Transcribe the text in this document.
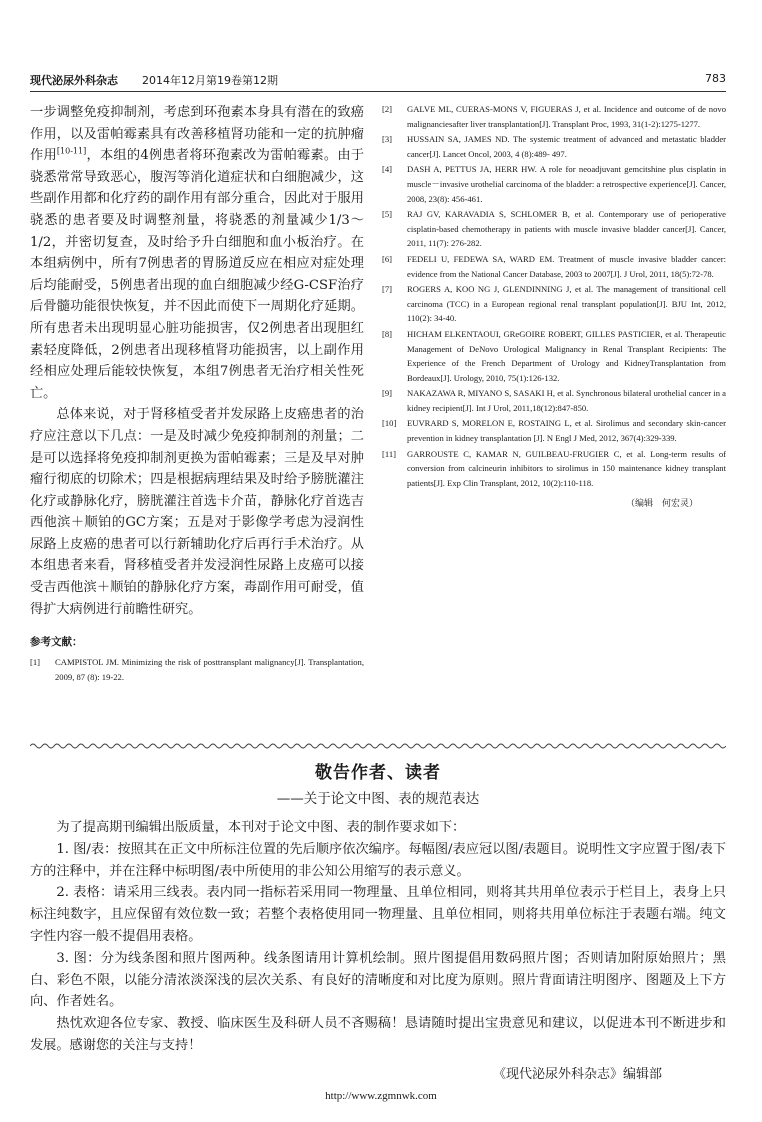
现代泌尿外科杂志 2014年12月第19卷第12期	783

一步调整免疫抑制剂，考虑到环孢素本身具有潜在的致癌作用，以及雷帕霉素具有改善移植肾功能和一定的抗肿瘤作用[10-11]，本组的4例患者将环孢素改为雷帕霉素。由于骁悉常常导致恶心，腹泻等消化道症状和白细胞减少，这些副作用都和化疗药的副作用有部分重合，因此对于服用骁悉的患者要及时调整剂量，将骁悉的剂量减少1/3～1/2，并密切复查，及时给予升白细胞和血小板治疗。在本组病例中，所有7例患者的胃肠道反应在相应对症处理后均能耐受，5例患者出现的血白细胞减少经G-CSF治疗后骨髓功能很快恢复，并不因此而使下一周期化疗延期。所有患者未出现明显心脏功能损害，仅2例患者出现胆红素轻度降低，2例患者出现移植肾功能损害，以上副作用经相应处理后能较快恢复，本组7例患者无治疗相关性死亡。

总体来说，对于肾移植受者并发尿路上皮癌患者的治疗应注意以下几点：一是及时减少免疫抑制剂的剂量；二是可以选择将免疫抑制剂更换为雷帕霉素；三是及早对肿瘤行彻底的切除术；四是根据病理结果及时给予膀胱灌注化疗或静脉化疗，膀胱灌注首选卡介苗，静脉化疗首选吉西他滨＋顺铂的GC方案；五是对于影像学考虑为浸润性尿路上皮癌的患者可以行新辅助化疗后再行手术治疗。从本组患者来看，肾移植受者并发浸润性尿路上皮癌可以接受吉西他滨＋顺铂的静脉化疗方案，毒副作用可耐受，值得扩大病例进行前瞻性研究。

参考文献：

[1] CAMPISTOL JM. Minimizing the risk of posttransplant malignancy[J]. Transplantation, 2009, 87 (8): 19-22.

[2] GALVE ML, CUERAS-MONS V, FIGUERAS J, et al. Incidence and outcome of de novo malignanciesafter liver transplantation[J]. Transplant Proc, 1993, 31(1-2):1275-1277.

[3] HUSSAIN SA, JAMES ND. The systemic treatment of advanced and metastatic bladder cancer[J]. Lancet Oncol, 2003, 4 (8):489- 497.

[4] DASH A, PETTUS JA, HERR HW. A role for neoadjuvant gemcitshine plus cisplatin in muscle－invasive urothelial carcinoma of the bladder: a retrospective experience[J]. Cancer, 2008, 23(8): 456-461.

[5] RAJ GV, KARAVADIA S, SCHLOMER B, et al. Contemporary use of perioperative cisplatin-based chemotherapy in patients with muscle invasive bladder cancer[J]. Cancer, 2011, 11(7): 276-282.

[6] FEDELI U, FEDEWA SA, WARD EM. Treatment of muscle invasive bladder cancer: evidence from the National Cancer Database, 2003 to 2007[J]. J Urol, 2011, 18(5):72-78.

[7] ROGERS A, KOO NG J, GLENDINNING J, et al. The management of transitional cell carcinoma (TCC) in a European regional renal transplant population[J]. BJU Int, 2012, 110(2): 34-40.

[8] HICHAM ELKENTAOUI, GReGOIRE ROBERT, GILLES PASTICIER, et al. Therapeutic Management of DeNovo Urological Malignancy in Renal Transplant Recipients: The Experience of the French Department of Urology and KidneyTransplantation from Bordeaux[J]. Urology, 2010, 75(1):126-132.

[9] NAKAZAWA R, MIYANO S, SASAKI H, et al. Synchronous bilateral urothelial cancer in a kidney recipient[J]. Int J Urol, 2011,18(12):847-850.

[10] EUVRARD S, MORELON E, ROSTAING L, et al. Sirolimus and secondary skin-cancer prevention in kidney transplantation [J]. N Engl J Med, 2012, 367(4):329-339.

[11] GARROUSTE C, KAMAR N, GUILBEAU-FRUGIER C, et al. Long-term results of conversion from calcineurin inhibitors to sirolimus in 150 maintenance kidney transplant patients[J]. Exp Clin Transplant, 2012, 10(2):110-118.

（编辑　何宏灵）
敬告作者、读者
——关于论文中图、表的规范表达

为了提高期刊编辑出版质量，本刊对于论文中图、表的制作要求如下：

1. 图/表：按照其在正文中所标注位置的先后顺序依次编序。每幅图/表应冠以图/表题目。说明性文字应置于图/表下方的注释中，并在注释中标明图/表中所使用的非公知公用缩写的表示意义。

2. 表格：请采用三线表。表内同一指标若采用同一物理量、且单位相同，则将其共用单位表示于栏目上，表身上只标注纯数字，且应保留有效位数一致；若整个表格使用同一物理量、且单位相同，则将共用单位标注于表题右端。纯文字性内容一般不提倡用表格。

3. 图：分为线条图和照片图两种。线条图请用计算机绘制。照片图提倡用数码照片图；否则请加附原始照片；黑白、彩色不限，以能分清浓淡深浅的层次关系、有良好的清晰度和对比度为原则。照片背面请注明图序、图题及上下方向、作者姓名。

热忱欢迎各位专家、教授、临床医生及科研人员不吝赐稿！恳请随时提出宝贵意见和建议，以促进本刊不断进步和发展。感谢您的关注与支持！

《现代泌尿外科杂志》编辑部
http://www.zgmnwk.com
